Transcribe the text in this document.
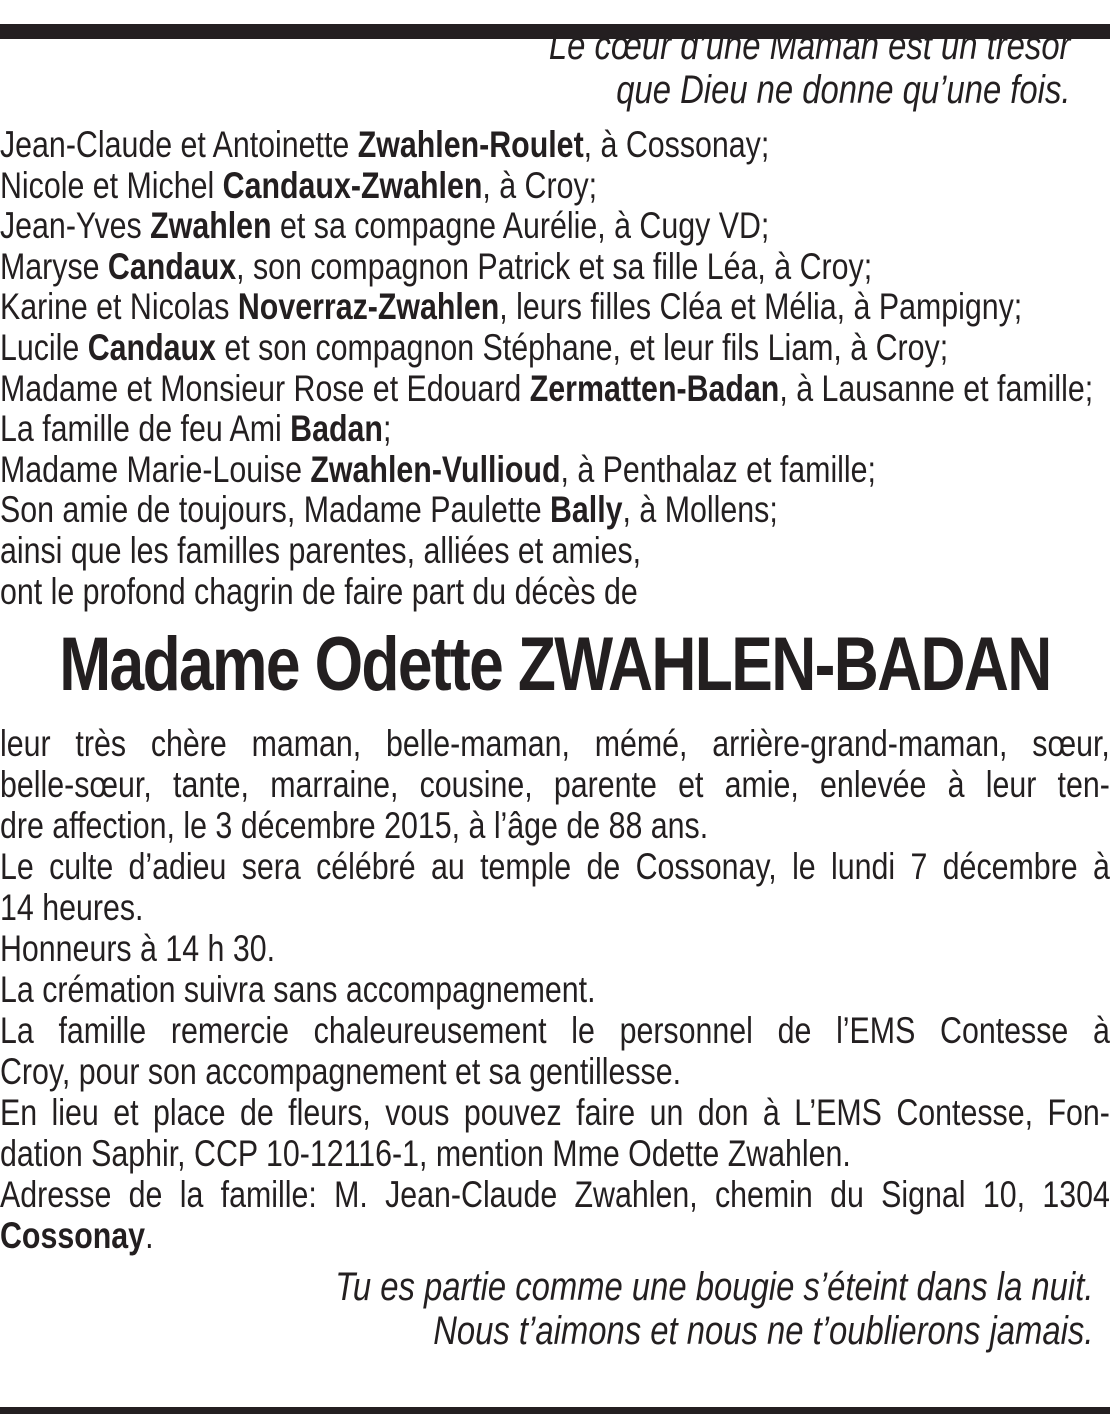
Le cœur d’une Maman est un trésor
que Dieu ne donne qu’une fois.
Jean-Claude et Antoinette Zwahlen-Roulet, à Cossonay;
Nicole et Michel Candaux-Zwahlen, à Croy;
Jean-Yves Zwahlen et sa compagne Aurélie, à Cugy VD;
Maryse Candaux, son compagnon Patrick et sa fille Léa, à Croy;
Karine et Nicolas Noverraz-Zwahlen, leurs filles Cléa et Mélia, à Pampigny;
Lucile Candaux et son compagnon Stéphane, et leur fils Liam, à Croy;
Madame et Monsieur Rose et Edouard Zermatten-Badan, à Lausanne et famille;
La famille de feu Ami Badan;
Madame Marie-Louise Zwahlen-Vullioud, à Penthalaz et famille;
Son amie de toujours, Madame Paulette Bally, à Mollens;
ainsi que les familles parentes, alliées et amies,
ont le profond chagrin de faire part du décès de
Madame Odette ZWAHLEN-BADAN
leur très chère maman, belle-maman, mémé, arrière-grand-maman, sœur,
belle-sœur, tante, marraine, cousine, parente et amie, enlevée à leur ten-
dre affection, le 3 décembre 2015, à l’âge de 88 ans.
Le culte d’adieu sera célébré au temple de Cossonay, le lundi 7 décembre à
14 heures.
Honneurs à 14 h 30.
La crémation suivra sans accompagnement.
La famille remercie chaleureusement le personnel de l’EMS Contesse à
Croy, pour son accompagnement et sa gentillesse.
En lieu et place de fleurs, vous pouvez faire un don à L’EMS Contesse, Fon-
dation Saphir, CCP 10-12116-1, mention Mme Odette Zwahlen.
Adresse de la famille: M. Jean-Claude Zwahlen, chemin du Signal 10, 1304
Cossonay.
Tu es partie comme une bougie s’éteint dans la nuit.
Nous t’aimons et nous ne t’oublierons jamais.
